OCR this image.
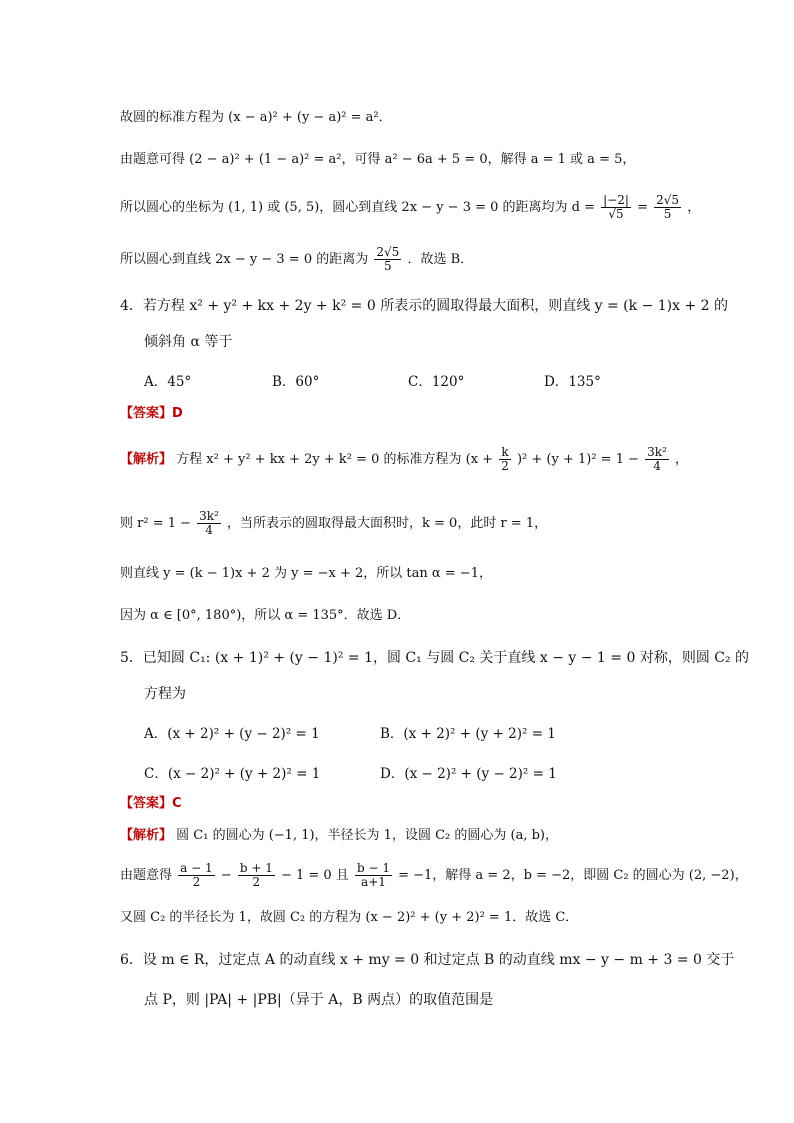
故圆的标准方程为 (x − a)² + (y − a)² = a²．
由题意可得 (2 − a)² + (1 − a)² = a²，可得 a² − 6a + 5 = 0，解得 a = 1 或 a = 5，
所以圆心的坐标为 (1, 1) 或 (5, 5)，圆心到直线 2x − y − 3 = 0 的距离均为 $d = \frac{|-2|}{√5} = \frac{2√5}{5}$ ，
所以圆心到直线 2x − y − 3 = 0 的距离为 $\frac{2√5}{5}$ ．故选 B．
4．若方程 x² + y² + kx + 2y + k² = 0 所表示的圆取得最大面积，则直线 y = (k − 1)x + 2 的
倾斜角 α 等于
A．45°	B．60°	C．120°	D．135°
【答案】D
【解析】 方程 x² + y² + kx + 2y + k² = 0 的标准方程为 $(x + \frac{k}{2} )^2 + (y + 1)^2 = 1 - \frac{\text{3k²}}{4}$ ，
则 $r^2 = 1 - \frac{\text{3k²}}{4}$ ，当所表示的圆取得最大面积时，k = 0，此时 r = 1，
则直线 y = (k − 1)x + 2 为 y = −x + 2，所以 tan α = −1，
因为 α ∈ [0°, 180°)，所以 α = 135°．故选 D．
5．已知圆 C₁: (x + 1)² + (y − 1)² = 1，圆 C₁ 与圆 C₂ 关于直线 x − y − 1 = 0 对称，则圆 C₂ 的
方程为
A．(x + 2)² + (y − 2)² = 1	B．(x + 2)² + (y + 2)² = 1
C．(x − 2)² + (y + 2)² = 1	D．(x − 2)² + (y − 2)² = 1
【答案】C
【解析】 圆 C₁ 的圆心为 (−1, 1)，半径长为 1，设圆 C₂ 的圆心为 (a, b)，
由题意得 $\frac{a - 1}{2} - \frac{b + 1}{2} - 1 = 0$ 且 $\frac{b - 1}{a+1} = -1$，解得 a = 2，b = −2，即圆 C₂ 的圆心为 (2, −2)，
又圆 C₂ 的半径长为 1，故圆 C₂ 的方程为 (x − 2)² + (y + 2)² = 1．故选 C．
6．设 m ∈ R，过定点 A 的动直线 x + my = 0 和过定点 B 的动直线 mx − y − m + 3 = 0 交于
点 P，则 |PA| + |PB|（异于 A，B 两点）的取值范围是
